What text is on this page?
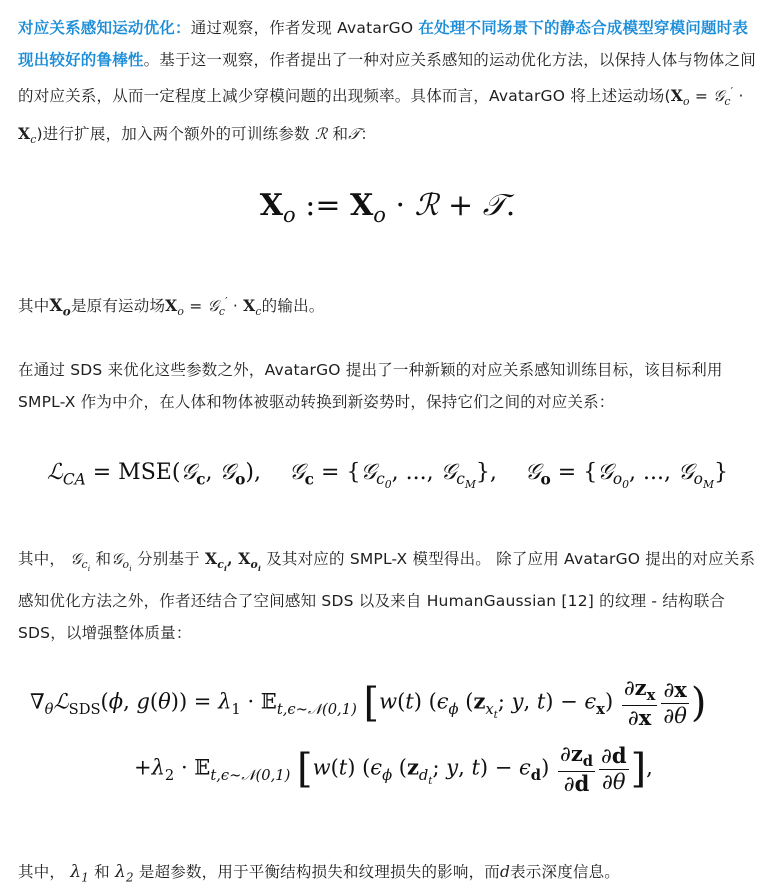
对应关系感知运动优化：通过观察，作者发现 AvatarGO 在处理不同场景下的静态合成模型穿模问题时表现出较好的鲁棒性。基于这一观察，作者提出了一种对应关系感知的运动优化方法，以保持人体与物体之间的对应关系，从而一定程度上减少穿模问题的出现频率。具体而言，AvatarGO 将上述运动场($X_o$ = 𝒢$_c$′ · $X_c$)进行扩展，加入两个额外的可训练参数 ℛ 和𝒯：
$X_o$ := $X_o$ · ℛ + 𝒯.
其中$X_o$是原有运动场$X_o$ = 𝒢$_c$′ · $X_c$的输出。
在通过 SDS 来优化这些参数之外，AvatarGO 提出了一种新颖的对应关系感知训练目标，该目标利用 SMPL-X 作为中介，在人体和物体被驱动转换到新姿势时，保持它们之间的对应关系：
ℒ$_{CA}$ = MSE(𝒢$_c$, 𝒢$_o$),    𝒢$_c$ = {𝒢$_{c_0}$, ..., 𝒢$_{c_M}$},    𝒢$_o$ = {𝒢$_{o_0}$, ..., 𝒢$_{o_M}$}
其中， 𝒢$_{c_i}$ 和𝒢$_{o_i}$ 分别基于 $X_{c_i}$, $X_{o_i}$ 及其对应的 SMPL-X 模型得出。 除了应用 AvatarGO 提出的对应关系感知优化方法之外，作者还结合了空间感知 SDS 以及来自 HumanGaussian [12] 的纹理 - 结构联合 SDS，以增强整体质量：
$\nabla_\theta ℒ_{SDS}(\phi$, $g(\theta)) = \lambda_1$ · 𝔼$_{t,\epsilon\sim 𝒩(0,1)}$ [w(t) ($\epsilon_\phi$ ($z_{x_t}$; y, $t) - \epsilon_x) \frac{\partial z_x}{\partial x} \frac{\partial x}{\partial\theta}$ )
$+\lambda_2$ · 𝔼$_{t,\epsilon\sim 𝒩(0,1)}$ [w(t) ($\epsilon_\phi$ ($z_{d_t}$; y, $t) - \epsilon_d) \frac{\partial z_d}{\partial d} \frac{\partial d}{\partial\theta}$ ],
其中， $\lambda_1$ 和 $\lambda_2$ 是超参数，用于平衡结构损失和纹理损失的影响，而d表示深度信息。
